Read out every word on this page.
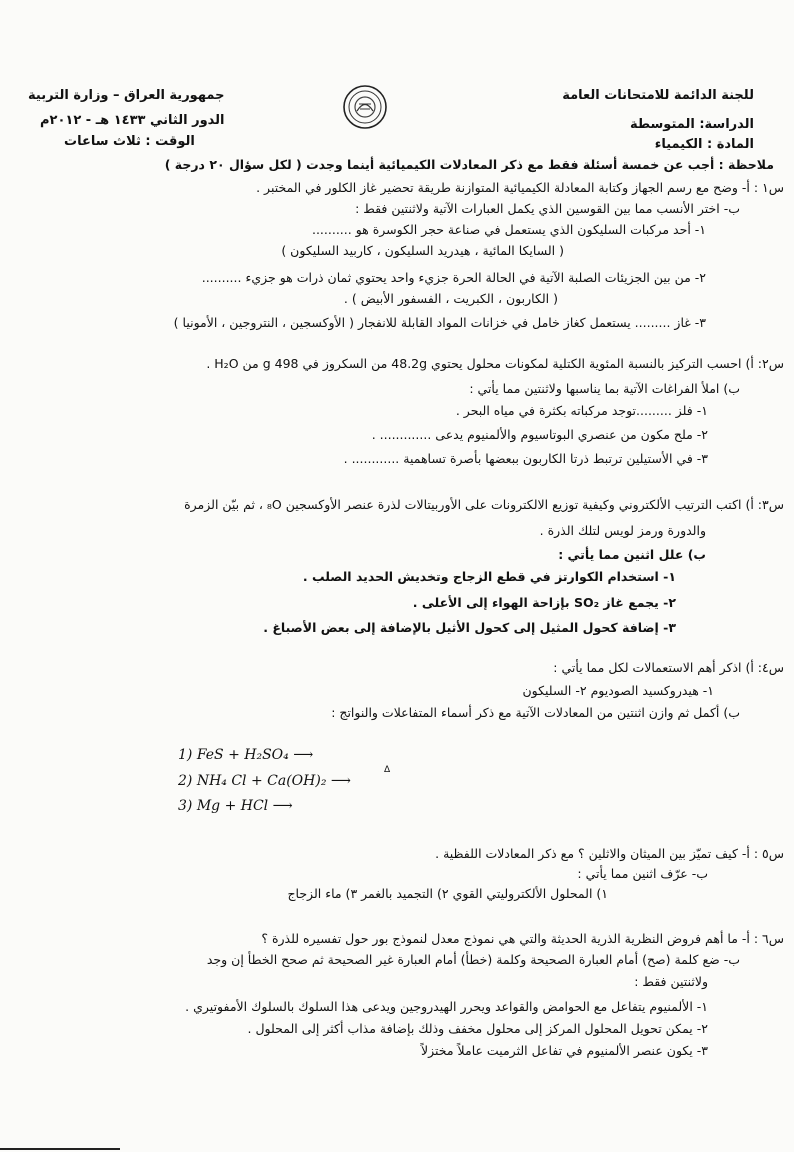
للجنة الدائمة للامتحانات العامة
الدراسة: المتوسطة
المادة : الكيمياء
جمهورية العراق – وزارة التربية
الدور الثاني ١٤٣٣ هـ - ٢٠١٢م
الوقت : ثلاث ساعات
ملاحظة : أجب عن خمسة أسئلة فقط مع ذكر المعادلات الكيميائية أينما وجدت ( لكل سؤال ٢٠ درجة )
س١ : أ- وضح مع رسم الجهاز وكتابة المعادلة الكيميائية المتوازنة طريقة تحضير غاز الكلور في المختبر .
ب- اختر الأنسب مما بين القوسين الذي يكمل العبارات الآتية ولاثنتين فقط :
١- أحد مركبات السليكون الذي يستعمل في صناعة حجر الكوسرة هو ..........
( السايكا المائية ، هيدريد السليكون ، كاربيد السليكون )
٢- من بين الجزيئات الصلبة الآتية في الحالة الحرة جزيء واحد يحتوي ثمان ذرات هو جزيء ..........
( الكاربون ، الكبريت ، الفسفور الأبيض ) .
٣- غاز ......... يستعمل كغاز خامل في خزانات المواد القابلة للانفجار ( الأوكسجين ، النتروجين ، الأمونيا )
س٢: أ) احسب التركيز بالنسبة المئوية الكتلية لمكونات محلول يحتوي 48.2g من السكروز في 498 g من H₂O .
ب) املأ الفراغات الآتية بما يناسبها ولاثنتين مما يأتي :
١- فلز .........توجد مركباته بكثرة في مياه البحر .
٢- ملح مكون من عنصري البوتاسيوم والألمنيوم يدعى ............. .
٣- في الأستيلين ترتبط ذرتا الكاربون ببعضها بأصرة تساهمية ............ .
س٣: أ) اكتب الترتيب الألكتروني وكيفية توزيع الالكترونات على الأوربيتالات لذرة عنصر الأوكسجين ₈O ، ثم بيّن الزمرة
والدورة ورمز لويس لتلك الذرة .
ب) علل اثنين مما يأتي :
١- استخدام الكوارتز في قطع الزجاج وتخديش الحديد الصلب .
٢- يجمع غاز SO₂ بإزاحة الهواء إلى الأعلى .
٣- إضافة كحول المثيل إلى كحول الأثيل بالإضافة إلى بعض الأصباغ .
س٤: أ) اذكر أهم الاستعمالات لكل مما يأتي :
١- هيدروكسيد الصوديوم ٢- السليكون
ب) أكمل ثم وازن اثنتين من المعادلات الآتية مع ذكر أسماء المتفاعلات والنواتج :
1) FeS + H₂SO₄ ⟶
2) NH₄ Cl + Ca(OH)₂ ⟶
Δ
3) Mg + HCl ⟶
س٥ : أ- كيف تميّز بين الميثان والاثلين ؟ مع ذكر المعادلات اللفظية .
ب- عرّف اثنين مما يأتي :
١) المحلول الألكتروليتي القوي ٢) التجميد بالغمر ٣) ماء الزجاج
س٦ : أ- ما أهم فروض النظرية الذرية الحديثة والتي هي نموذج معدل لنموذج بور حول تفسيره للذرة ؟
ب- ضع كلمة (صح) أمام العبارة الصحيحة وكلمة (خطأ) أمام العبارة غير الصحيحة ثم صحح الخطأ إن وجد
ولاثنتين فقط :
١- الألمنيوم يتفاعل مع الحوامض والقواعد ويحرر الهيدروجين ويدعى هذا السلوك بالسلوك الأمفوتيري .
٢- يمكن تحويل المحلول المركز إلى محلول مخفف وذلك بإضافة مذاب أكثر إلى المحلول .
٣- يكون عنصر الألمنيوم في تفاعل الثرميت عاملاً مختزلاً
